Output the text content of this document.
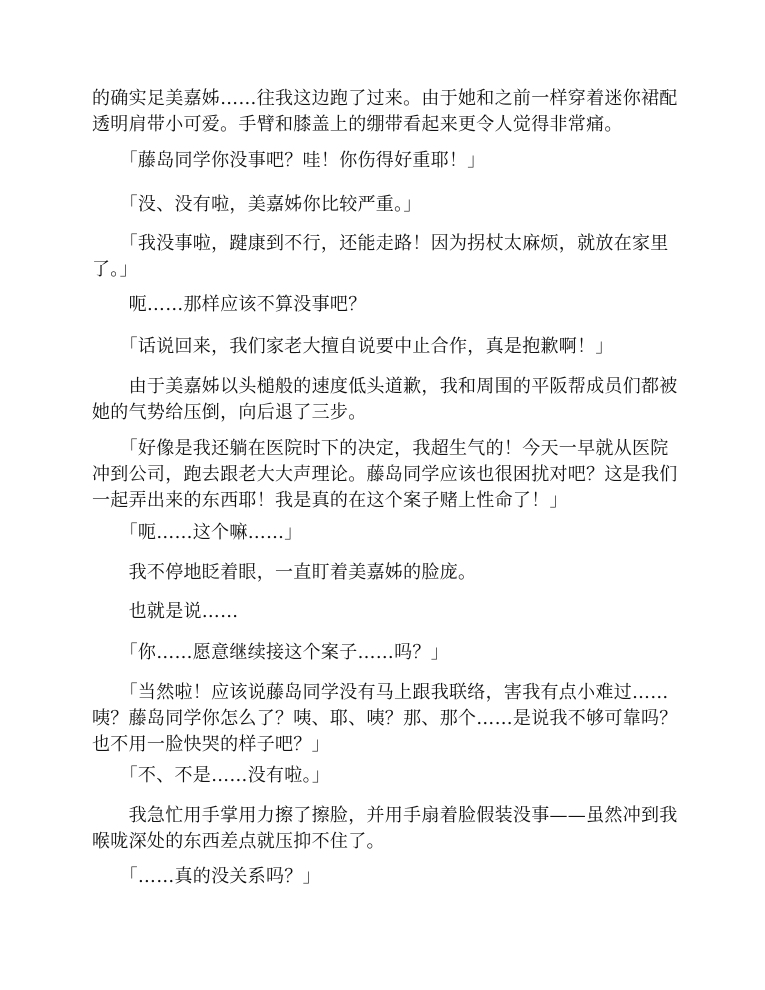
的确实足美嘉姊……往我这边跑了过来。由于她和之前一样穿着迷你裙配透明肩带小可爱。手臂和膝盖上的绷带看起来更令人觉得非常痛。

　　「藤岛同学你没事吧？哇！你伤得好重耶！」

　　「没、没有啦，美嘉姊你比较严重。」

　　「我没事啦，踺康到不行，还能走路！因为拐杖太麻烦，就放在家里了。」

　　呃……那样应该不算没事吧？

　　「话说回来，我们家老大擅自说要中止合作，真是抱歉啊！」

　　由于美嘉姊以头槌般的速度低头道歉，我和周围的平阪帮成员们都被她的气势给压倒，向后退了三步。

　　「好像是我还躺在医院时下的决定，我超生气的！今天一早就从医院冲到公司，跑去跟老大大声理论。藤岛同学应该也很困扰对吧？这是我们一起弄出来的东西耶！我是真的在这个案子赌上性命了！」

　　「呃……这个嘛……」

　　我不停地眨着眼，一直盯着美嘉姊的脸庞。

　　也就是说……

　　「你……愿意继续接这个案子……吗？」

　　「当然啦！应该说藤岛同学没有马上跟我联络，害我有点小难过……咦？藤岛同学你怎么了？咦、耶、咦？那、那个……是说我不够可靠吗？也不用一脸快哭的样子吧？」

　　「不、不是……没有啦。」

　　我急忙用手掌用力擦了擦脸，并用手扇着脸假装没事——虽然冲到我喉咙深处的东西差点就压抑不住了。

　　「……真的没关系吗？」
